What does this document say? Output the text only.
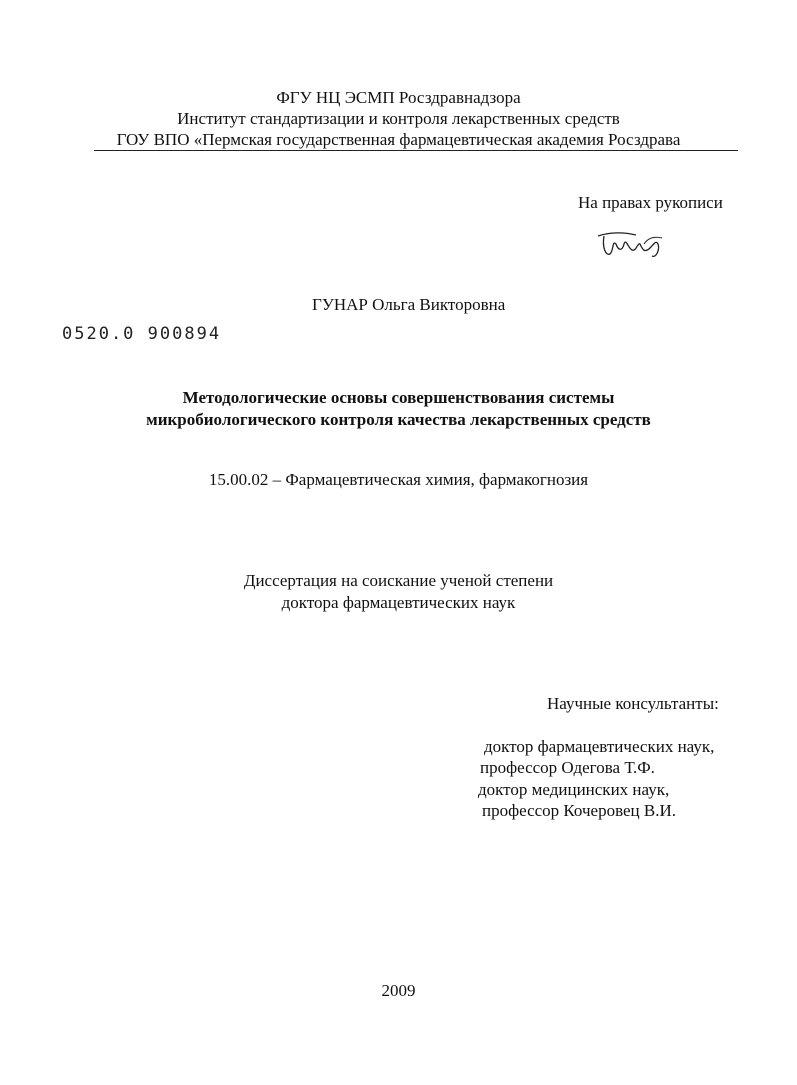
ФГУ НЦ ЭСМП Росздравнадзора
Институт стандартизации и контроля лекарственных средств
ГОУ ВПО «Пермская государственная фармацевтическая академия Росздрава
На правах рукописи
ГУНАР Ольга Викторовна
0520.0 900894
Методологические основы совершенствования системы
микробиологического контроля качества лекарственных средств
15.00.02 – Фармацевтическая химия, фармакогнозия
Диссертация на соискание ученой степени
доктора фармацевтических наук
Научные консультанты:
доктор фармацевтических наук,
профессор Одегова Т.Ф.
доктор медицинских наук,
профессор Кочеровец В.И.
2009
